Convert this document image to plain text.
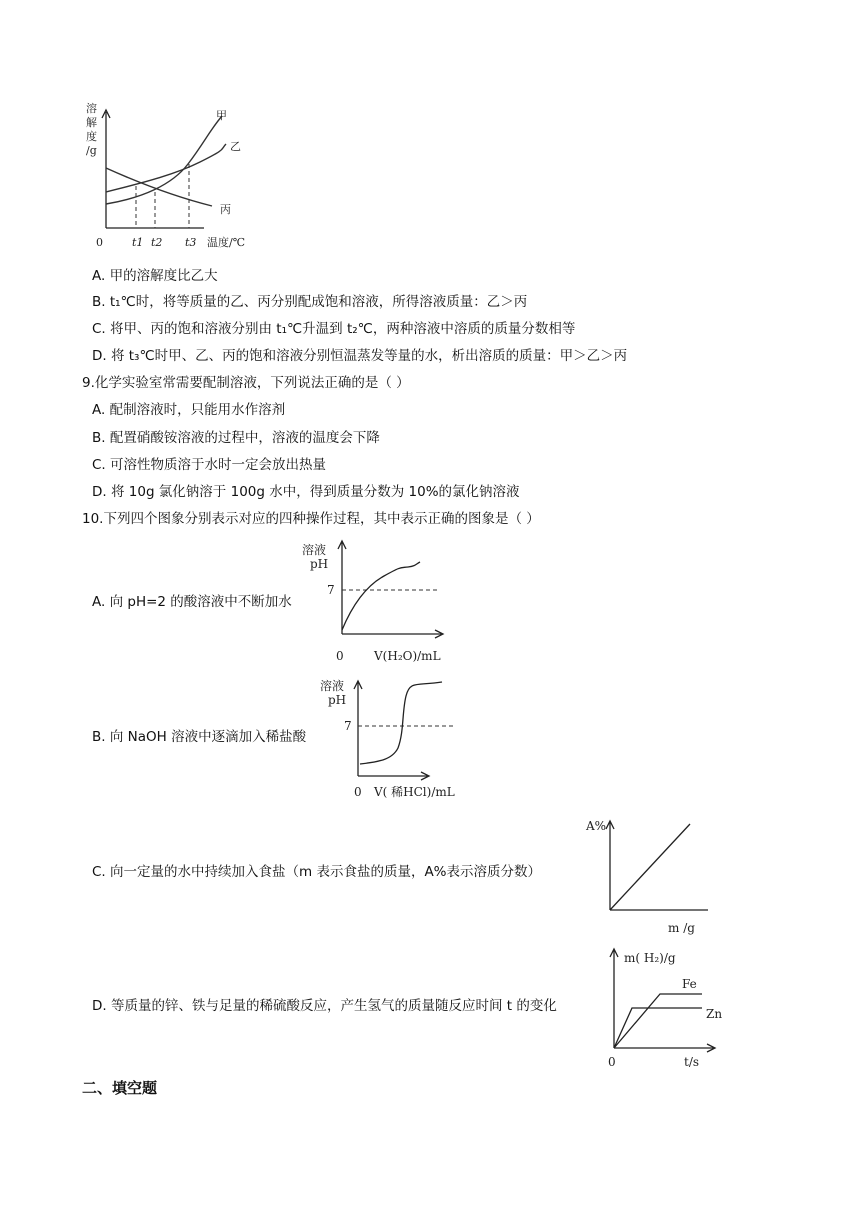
溶
解
度
/g
0	t1 t2 t3 温度/℃
甲
乙
丙
A. 甲的溶解度比乙大
B. t₁℃时，将等质量的乙、丙分别配成饱和溶液，所得溶液质量：乙＞丙
C. 将甲、丙的饱和溶液分别由 t₁℃升温到 t₂℃，两种溶液中溶质的质量分数相等
D. 将 t₃℃时甲、乙、丙的饱和溶液分别恒温蒸发等量的水，析出溶质的质量：甲＞乙＞丙
9.化学实验室常需要配制溶液，下列说法正确的是（ ）
A. 配制溶液时，只能用水作溶剂
B. 配置硝酸铵溶液的过程中，溶液的温度会下降
C. 可溶性物质溶于水时一定会放出热量
D. 将 10g 氯化钠溶于 100g 水中，得到质量分数为 10%的氯化钠溶液
10.下列四个图象分别表示对应的四种操作过程，其中表示正确的图象是（ ）
A. 向 pH=2 的酸溶液中不断加水
溶液
pH
7
0	V(H₂O)/mL
B. 向 NaOH 溶液中逐滴加入稀盐酸
溶液
pH
7
0 V( 稀HCl)/mL
C. 向一定量的水中持续加入食盐（m 表示食盐的质量，A%表示溶质分数）
A%
m /g
D. 等质量的锌、铁与足量的稀硫酸反应，产生氢气的质量随反应时间 t 的变化
m( H₂)/g
Fe
Zn
0	t/s
二、填空题
